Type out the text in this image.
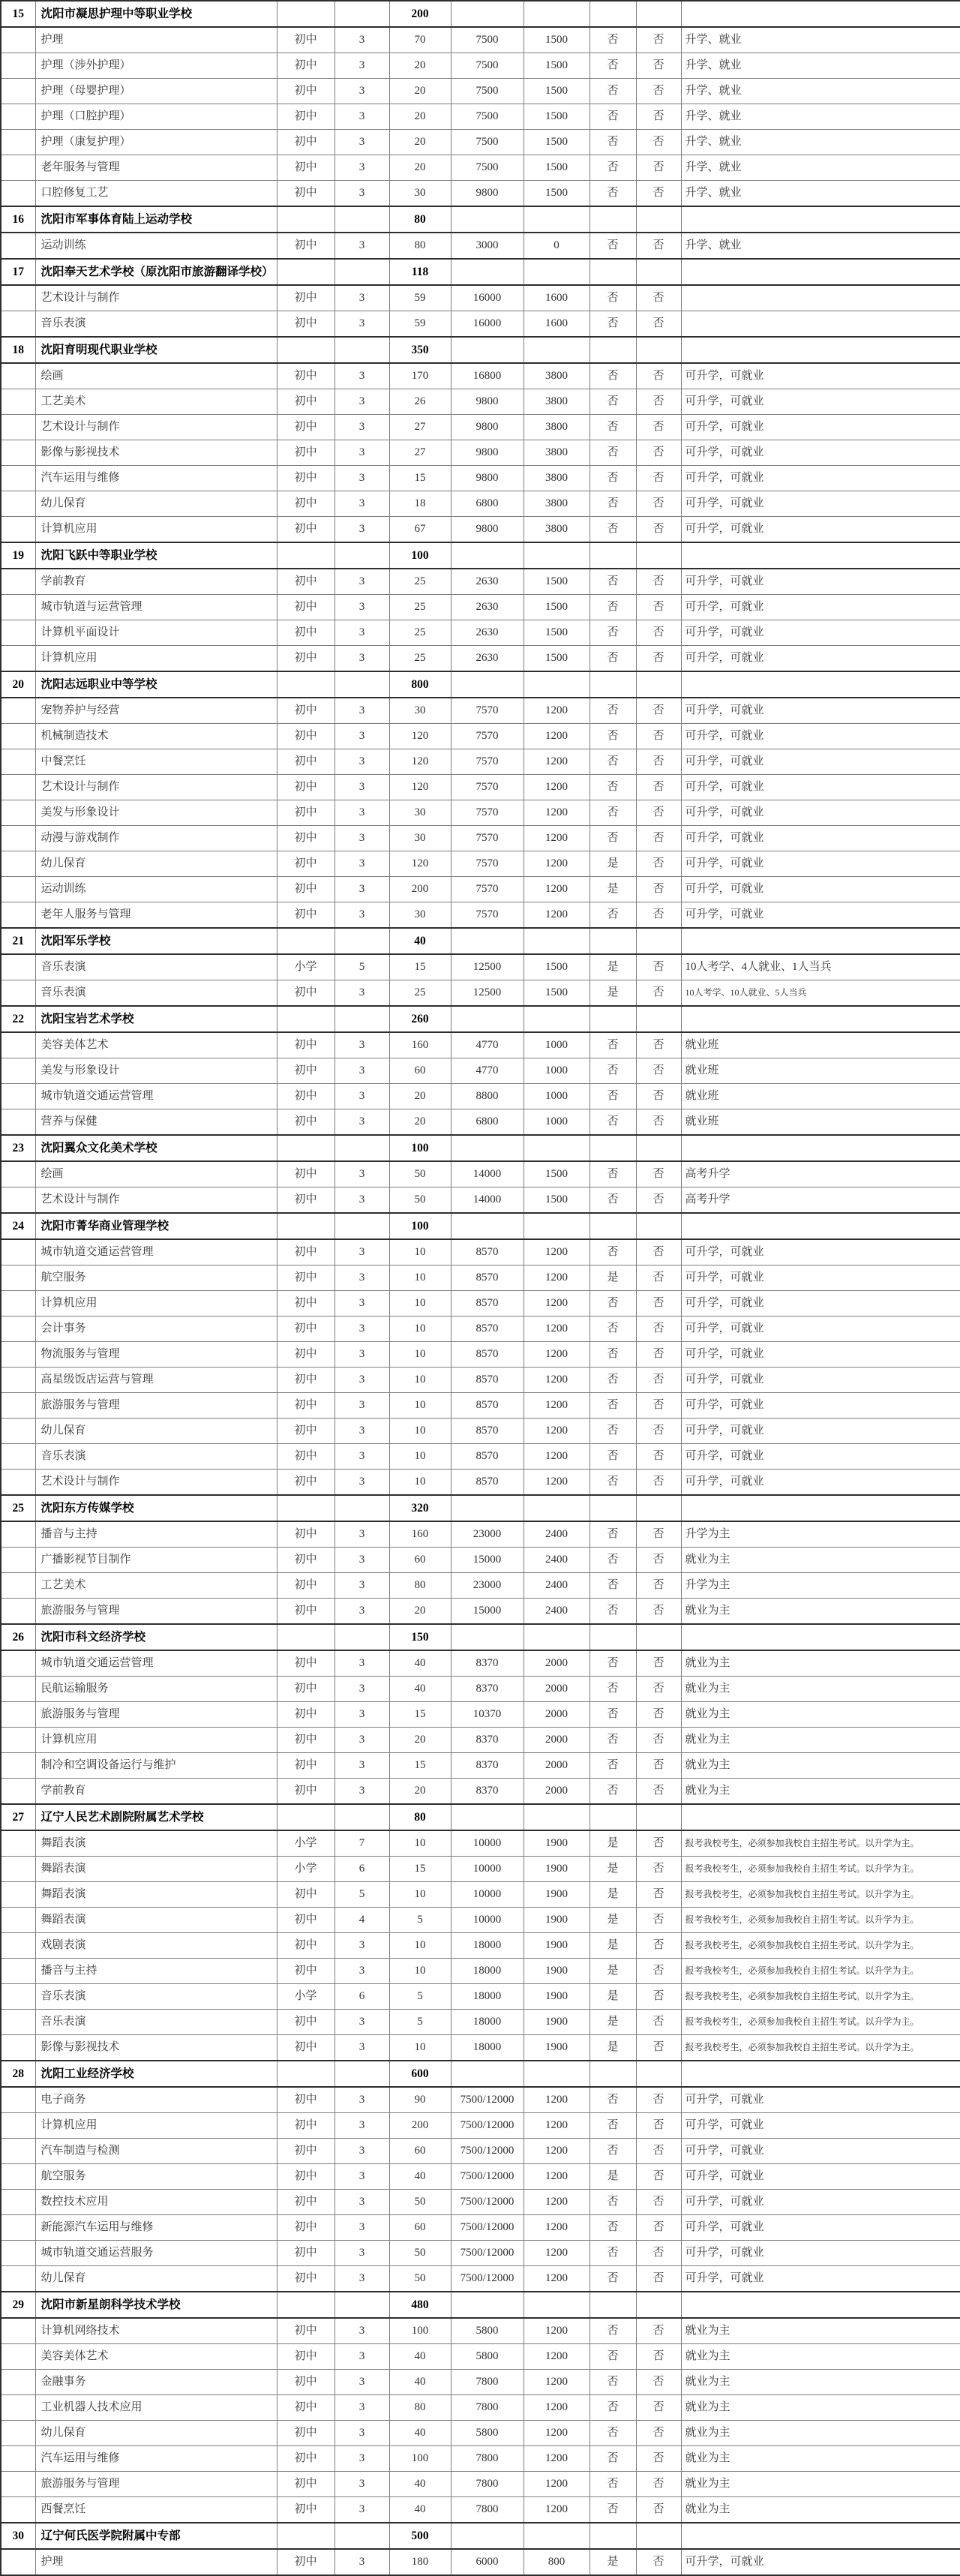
15	沈阳市凝思护理中等职业学校			200					
	护理	初中	3	70	7500	1500	否	否	升学、就业
	护理（涉外护理）	初中	3	20	7500	1500	否	否	升学、就业
	护理（母婴护理）	初中	3	20	7500	1500	否	否	升学、就业
	护理（口腔护理）	初中	3	20	7500	1500	否	否	升学、就业
	护理（康复护理）	初中	3	20	7500	1500	否	否	升学、就业
	老年服务与管理	初中	3	20	7500	1500	否	否	升学、就业
	口腔修复工艺	初中	3	30	9800	1500	否	否	升学、就业
16	沈阳市军事体育陆上运动学校			80					
	运动训练	初中	3	80	3000	0	否	否	升学、就业
17	沈阳奉天艺术学校（原沈阳市旅游翻译学校）			118					
	艺术设计与制作	初中	3	59	16000	1600	否	否	
	音乐表演	初中	3	59	16000	1600	否	否	
18	沈阳育明现代职业学校			350					
	绘画	初中	3	170	16800	3800	否	否	可升学，可就业
	工艺美术	初中	3	26	9800	3800	否	否	可升学，可就业
	艺术设计与制作	初中	3	27	9800	3800	否	否	可升学，可就业
	影像与影视技术	初中	3	27	9800	3800	否	否	可升学，可就业
	汽车运用与维修	初中	3	15	9800	3800	否	否	可升学，可就业
	幼儿保育	初中	3	18	6800	3800	否	否	可升学，可就业
	计算机应用	初中	3	67	9800	3800	否	否	可升学，可就业
19	沈阳飞跃中等职业学校			100					
	学前教育	初中	3	25	2630	1500	否	否	可升学，可就业
	城市轨道与运营管理	初中	3	25	2630	1500	否	否	可升学，可就业
	计算机平面设计	初中	3	25	2630	1500	否	否	可升学，可就业
	计算机应用	初中	3	25	2630	1500	否	否	可升学，可就业
20	沈阳志远职业中等学校			800					
	宠物养护与经营	初中	3	30	7570	1200	否	否	可升学，可就业
	机械制造技术	初中	3	120	7570	1200	否	否	可升学，可就业
	中餐烹饪	初中	3	120	7570	1200	否	否	可升学，可就业
	艺术设计与制作	初中	3	120	7570	1200	否	否	可升学，可就业
	美发与形象设计	初中	3	30	7570	1200	否	否	可升学，可就业
	动漫与游戏制作	初中	3	30	7570	1200	否	否	可升学，可就业
	幼儿保育	初中	3	120	7570	1200	是	否	可升学，可就业
	运动训练	初中	3	200	7570	1200	是	否	可升学，可就业
	老年人服务与管理	初中	3	30	7570	1200	否	否	可升学，可就业
21	沈阳军乐学校			40					
	音乐表演	小学	5	15	12500	1500	是	否	10人考学、4人就业、1人当兵
	音乐表演	初中	3	25	12500	1500	是	否	10人考学、10人就业、5人当兵
22	沈阳宝岩艺术学校			260					
	美容美体艺术	初中	3	160	4770	1000	否	否	就业班
	美发与形象设计	初中	3	60	4770	1000	否	否	就业班
	城市轨道交通运营管理	初中	3	20	8800	1000	否	否	就业班
	营养与保健	初中	3	20	6800	1000	否	否	就业班
23	沈阳翼众文化美术学校			100					
	绘画	初中	3	50	14000	1500	否	否	高考升学
	艺术设计与制作	初中	3	50	14000	1500	否	否	高考升学
24	沈阳市菁华商业管理学校			100					
	城市轨道交通运营管理	初中	3	10	8570	1200	否	否	可升学，可就业
	航空服务	初中	3	10	8570	1200	是	否	可升学，可就业
	计算机应用	初中	3	10	8570	1200	否	否	可升学，可就业
	会计事务	初中	3	10	8570	1200	否	否	可升学，可就业
	物流服务与管理	初中	3	10	8570	1200	否	否	可升学，可就业
	高星级饭店运营与管理	初中	3	10	8570	1200	否	否	可升学，可就业
	旅游服务与管理	初中	3	10	8570	1200	否	否	可升学，可就业
	幼儿保育	初中	3	10	8570	1200	否	否	可升学，可就业
	音乐表演	初中	3	10	8570	1200	否	否	可升学，可就业
	艺术设计与制作	初中	3	10	8570	1200	否	否	可升学，可就业
25	沈阳东方传媒学校			320					
	播音与主持	初中	3	160	23000	2400	否	否	升学为主
	广播影视节目制作	初中	3	60	15000	2400	否	否	就业为主
	工艺美术	初中	3	80	23000	2400	否	否	升学为主
	旅游服务与管理	初中	3	20	15000	2400	否	否	就业为主
26	沈阳市科文经济学校			150					
	城市轨道交通运营管理	初中	3	40	8370	2000	否	否	就业为主
	民航运输服务	初中	3	40	8370	2000	否	否	就业为主
	旅游服务与管理	初中	3	15	10370	2000	否	否	就业为主
	计算机应用	初中	3	20	8370	2000	否	否	就业为主
	制冷和空调设备运行与维护	初中	3	15	8370	2000	否	否	就业为主
	学前教育	初中	3	20	8370	2000	否	否	就业为主
27	辽宁人民艺术剧院附属艺术学校			80					
	舞蹈表演	小学	7	10	10000	1900	是	否	报考我校考生，必须参加我校自主招生考试。以升学为主。
	舞蹈表演	小学	6	15	10000	1900	是	否	报考我校考生，必须参加我校自主招生考试。以升学为主。
	舞蹈表演	初中	5	10	10000	1900	是	否	报考我校考生，必须参加我校自主招生考试。以升学为主。
	舞蹈表演	初中	4	5	10000	1900	是	否	报考我校考生，必须参加我校自主招生考试。以升学为主。
	戏剧表演	初中	3	10	18000	1900	是	否	报考我校考生，必须参加我校自主招生考试。以升学为主。
	播音与主持	初中	3	10	18000	1900	是	否	报考我校考生，必须参加我校自主招生考试。以升学为主。
	音乐表演	小学	6	5	18000	1900	是	否	报考我校考生，必须参加我校自主招生考试。以升学为主。
	音乐表演	初中	3	5	18000	1900	是	否	报考我校考生，必须参加我校自主招生考试。以升学为主。
	影像与影视技术	初中	3	10	18000	1900	是	否	报考我校考生，必须参加我校自主招生考试。以升学为主。
28	沈阳工业经济学校			600					
	电子商务	初中	3	90	7500/12000	1200	否	否	可升学，可就业
	计算机应用	初中	3	200	7500/12000	1200	否	否	可升学，可就业
	汽车制造与检测	初中	3	60	7500/12000	1200	否	否	可升学，可就业
	航空服务	初中	3	40	7500/12000	1200	是	否	可升学，可就业
	数控技术应用	初中	3	50	7500/12000	1200	否	否	可升学，可就业
	新能源汽车运用与维修	初中	3	60	7500/12000	1200	否	否	可升学，可就业
	城市轨道交通运营服务	初中	3	50	7500/12000	1200	否	否	可升学，可就业
	幼儿保育	初中	3	50	7500/12000	1200	否	否	可升学，可就业
29	沈阳市新星朗科学技术学校			480					
	计算机网络技术	初中	3	100	5800	1200	否	否	就业为主
	美容美体艺术	初中	3	40	5800	1200	否	否	就业为主
	金融事务	初中	3	40	7800	1200	否	否	就业为主
	工业机器人技术应用	初中	3	80	7800	1200	否	否	就业为主
	幼儿保育	初中	3	40	5800	1200	否	否	就业为主
	汽车运用与维修	初中	3	100	7800	1200	否	否	就业为主
	旅游服务与管理	初中	3	40	7800	1200	否	否	就业为主
	西餐烹饪	初中	3	40	7800	1200	否	否	就业为主
30	辽宁何氏医学院附属中专部			500					
	护理	初中	3	180	6000	800	是	否	可升学，可就业
